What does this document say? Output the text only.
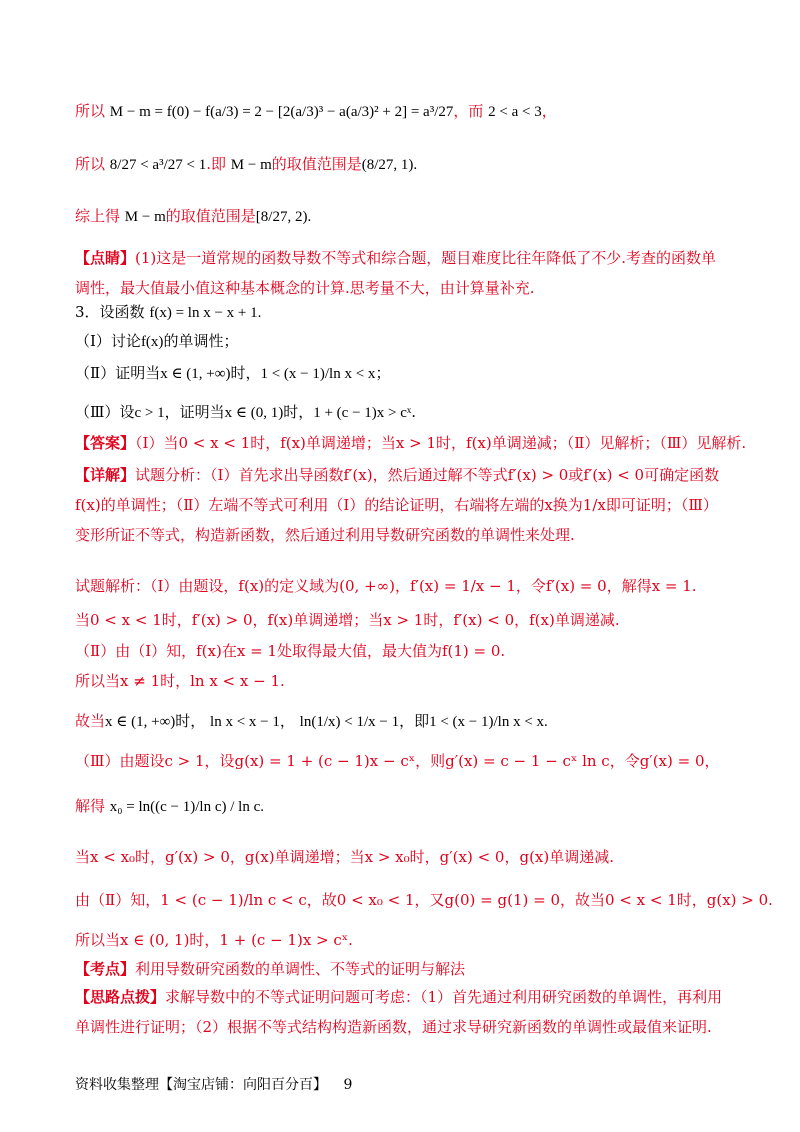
所以 M − m = f(0) − f(a/3) = 2 − [2(a/3)³ − a(a/3)² + 2] = a³/27，而 2 < a < 3，
所以 8/27 < a³/27 < 1.即 M − m的取值范围是(8/27, 1).
综上得 M − m的取值范围是[8/27, 2).
【点睛】(1)这是一道常规的函数导数不等式和综合题，题目难度比往年降低了不少.考查的函数单调性，最大值最小值这种基本概念的计算.思考量不大，由计算量补充.
3．设函数 f(x) = ln x − x + 1.
（Ⅰ）讨论f(x)的单调性；
（Ⅱ）证明当x ∈ (1, +∞)时，1 < (x − 1)/ln x < x；
（Ⅲ）设c > 1，证明当x ∈ (0, 1)时，1 + (c − 1)x > cˣ.
【答案】（Ⅰ）当0 < x < 1时，f(x)单调递增；当x > 1时，f(x)单调递减；（Ⅱ）见解析；（Ⅲ）见解析.
【详解】试题分析：（Ⅰ）首先求出导函数f′(x)，然后通过解不等式f′(x) > 0或f′(x) < 0可确定函数f(x)的单调性；（Ⅱ）左端不等式可利用（Ⅰ）的结论证明，右端将左端的x换为1/x即可证明；（Ⅲ）变形所证不等式，构造新函数，然后通过利用导数研究函数的单调性来处理.
试题解析：（Ⅰ）由题设，f(x)的定义域为(0, +∞)，f′(x) = 1/x − 1，令f′(x) = 0，解得x = 1.
当0 < x < 1时，f′(x) > 0，f(x)单调递增；当x > 1时，f′(x) < 0，f(x)单调递减.
（Ⅱ）由（Ⅰ）知，f(x)在x = 1处取得最大值，最大值为f(1) = 0.
所以当x ≠ 1时，ln x < x − 1.
故当x ∈ (1, +∞)时， ln x < x − 1， ln(1/x) < 1/x − 1，即1 < (x − 1)/ln x < x.
（Ⅲ）由题设c > 1，设g(x) = 1 + (c − 1)x − cˣ，则g′(x) = c − 1 − cˣ ln c，令g′(x) = 0，
解得 x₀ = ln((c − 1)/ln c) / ln c.
当x < x₀时，g′(x) > 0，g(x)单调递增；当x > x₀时，g′(x) < 0，g(x)单调递减.
由（Ⅱ）知，1 < (c − 1)/ln c < c，故0 < x₀ < 1，又g(0) = g(1) = 0，故当0 < x < 1时，g(x) > 0.
所以当x ∈ (0, 1)时，1 + (c − 1)x > cˣ.
【考点】利用导数研究函数的单调性、不等式的证明与解法
【思路点拨】求解导数中的不等式证明问题可考虑：（1）首先通过利用研究函数的单调性，再利用单调性进行证明；（2）根据不等式结构构造新函数，通过求导研究新函数的单调性或最值来证明.
资料收集整理【淘宝店铺：向阳百分百】 9
